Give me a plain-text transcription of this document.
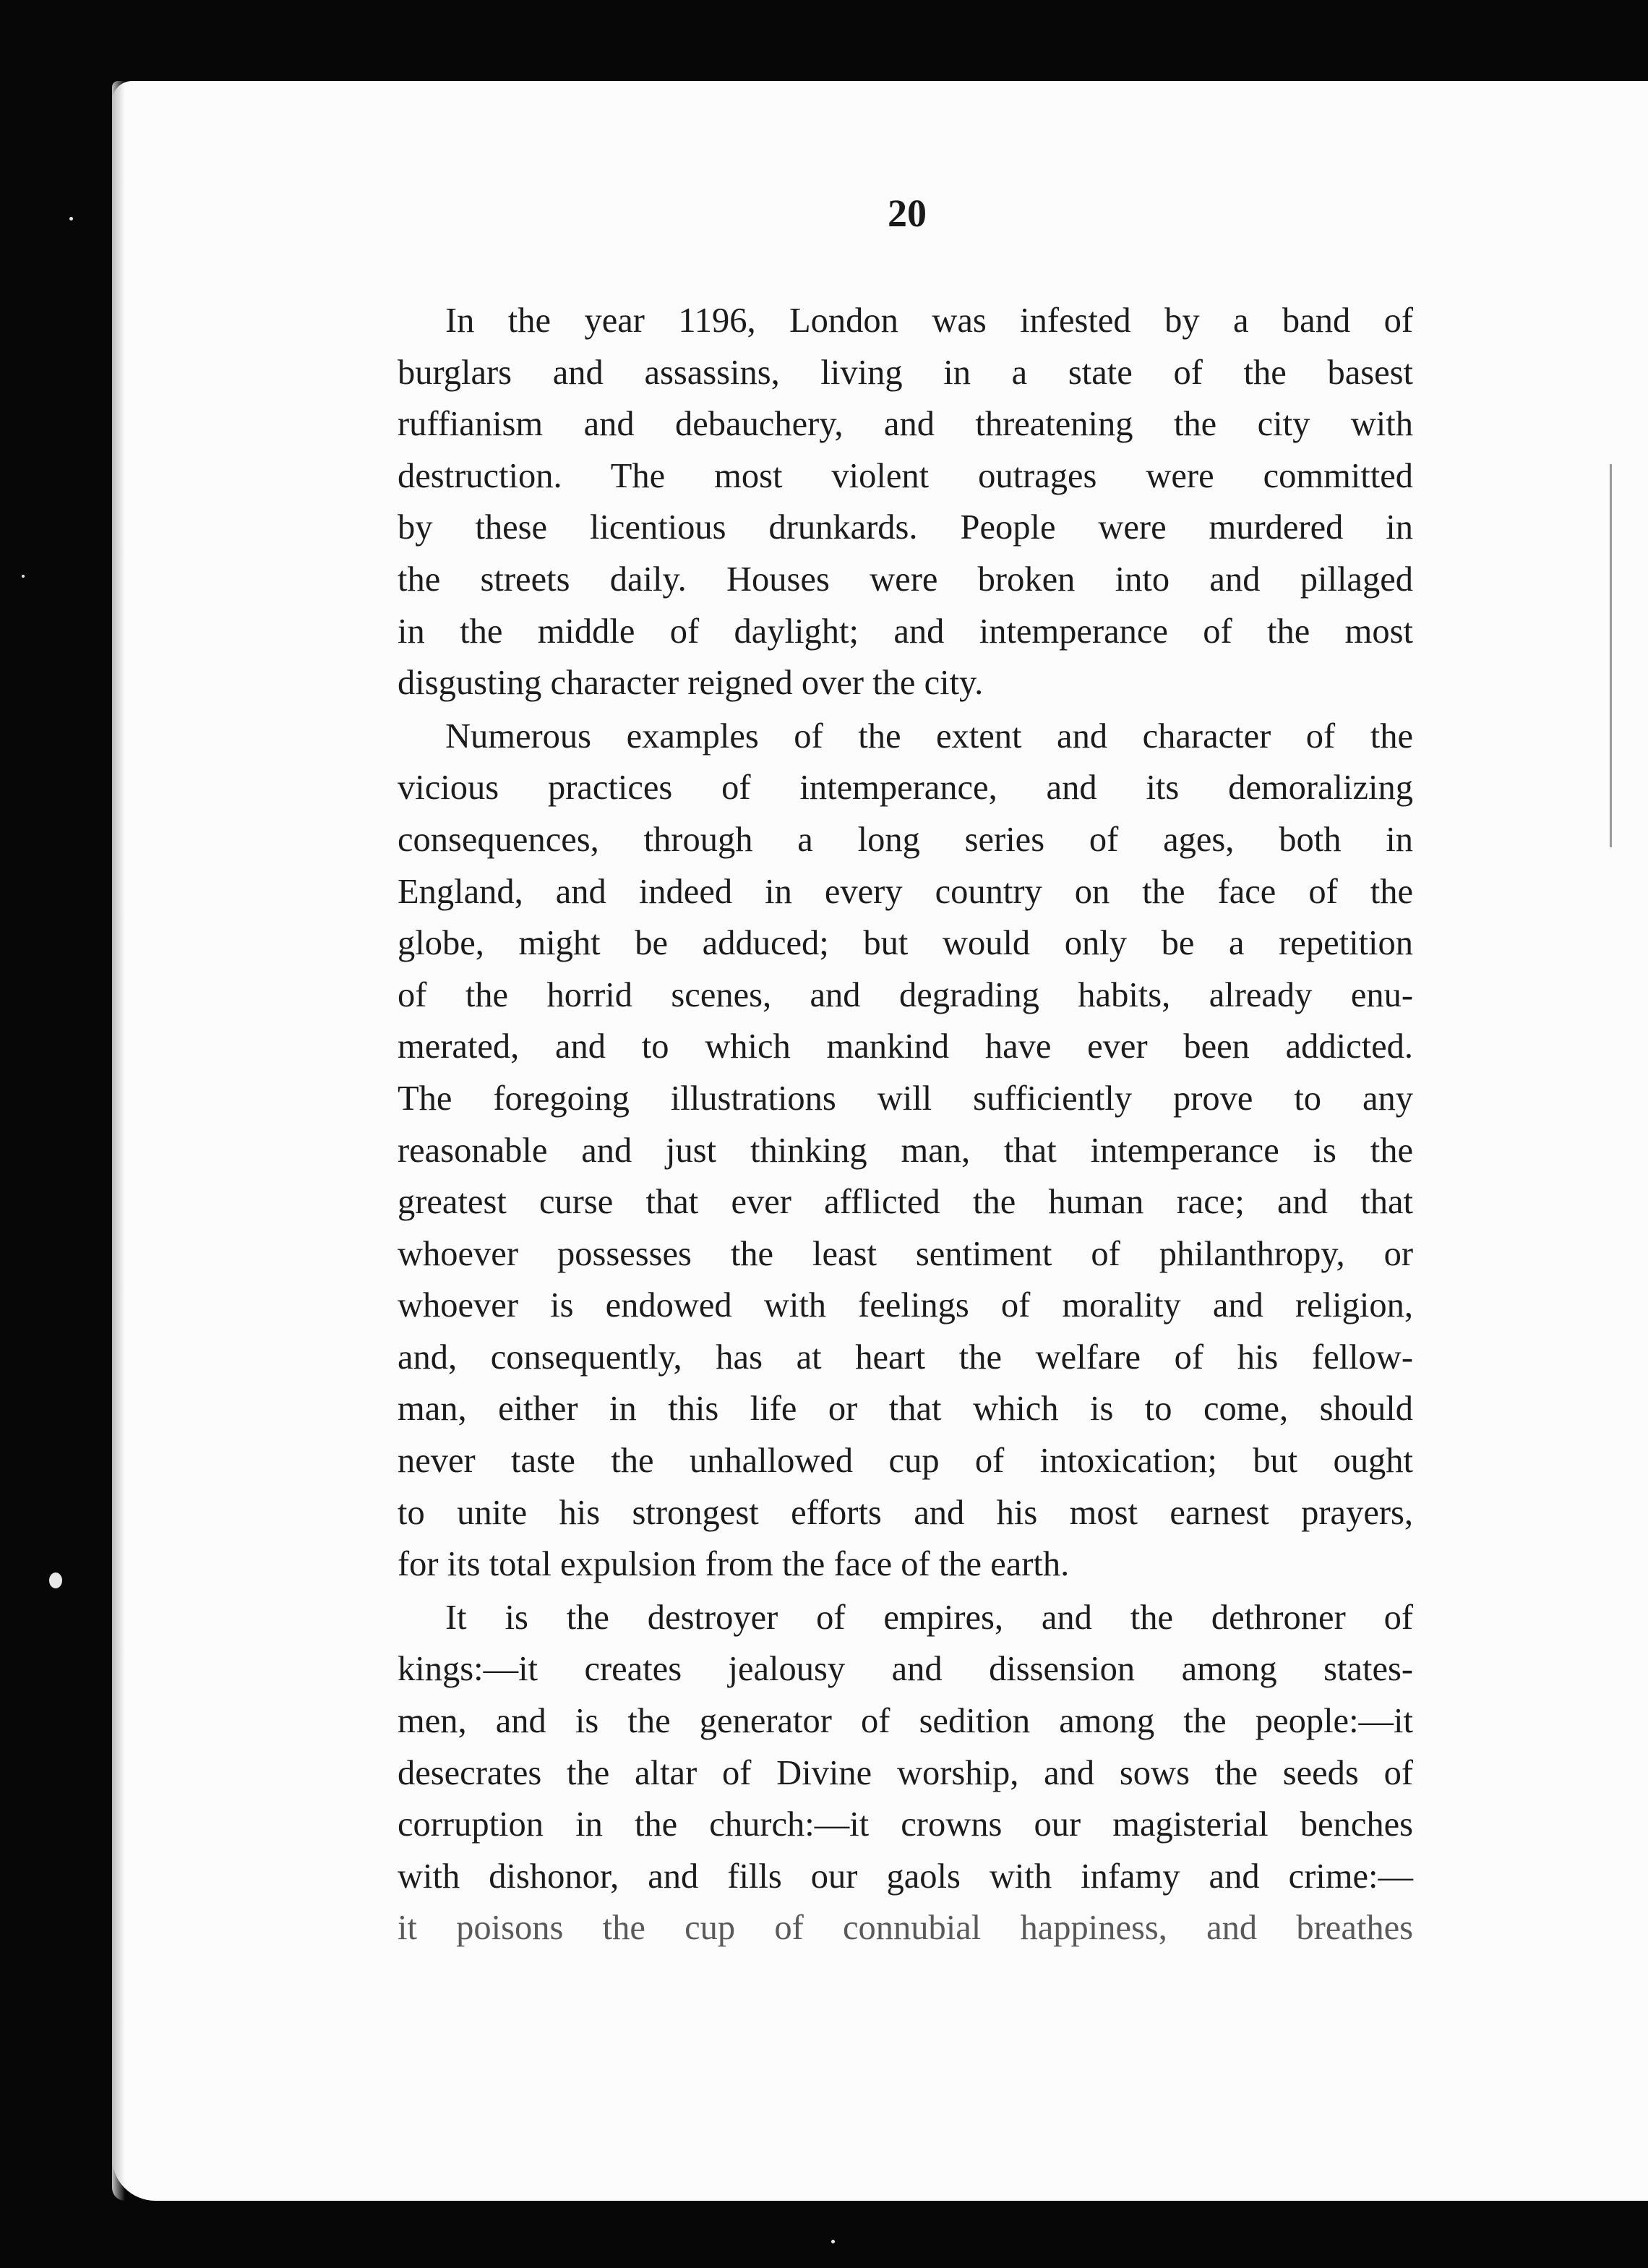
20
In the year 1196, London was infested by a band of
burglars and assassins, living in a state of the basest
ruffianism and debauchery, and threatening the city with
destruction. The most violent outrages were committed
by these licentious drunkards. People were murdered in
the streets daily. Houses were broken into and pillaged
in the middle of daylight; and intemperance of the most
disgusting character reigned over the city.
Numerous examples of the extent and character of the
vicious practices of intemperance, and its demoralizing
consequences, through a long series of ages, both in
England, and indeed in every country on the face of the
globe, might be adduced; but would only be a repetition
of the horrid scenes, and degrading habits, already enu-
merated, and to which mankind have ever been addicted.
The foregoing illustrations will sufficiently prove to any
reasonable and just thinking man, that intemperance is the
greatest curse that ever afflicted the human race; and that
whoever possesses the least sentiment of philanthropy, or
whoever is endowed with feelings of morality and religion,
and, consequently, has at heart the welfare of his fellow-
man, either in this life or that which is to come, should
never taste the unhallowed cup of intoxication; but ought
to unite his strongest efforts and his most earnest prayers,
for its total expulsion from the face of the earth.
It is the destroyer of empires, and the dethroner of
kings:—it creates jealousy and dissension among states-
men, and is the generator of sedition among the people:—it
desecrates the altar of Divine worship, and sows the seeds of
corruption in the church:—it crowns our magisterial benches
with dishonor, and fills our gaols with infamy and crime:—
it poisons the cup of connubial happiness, and breathes
